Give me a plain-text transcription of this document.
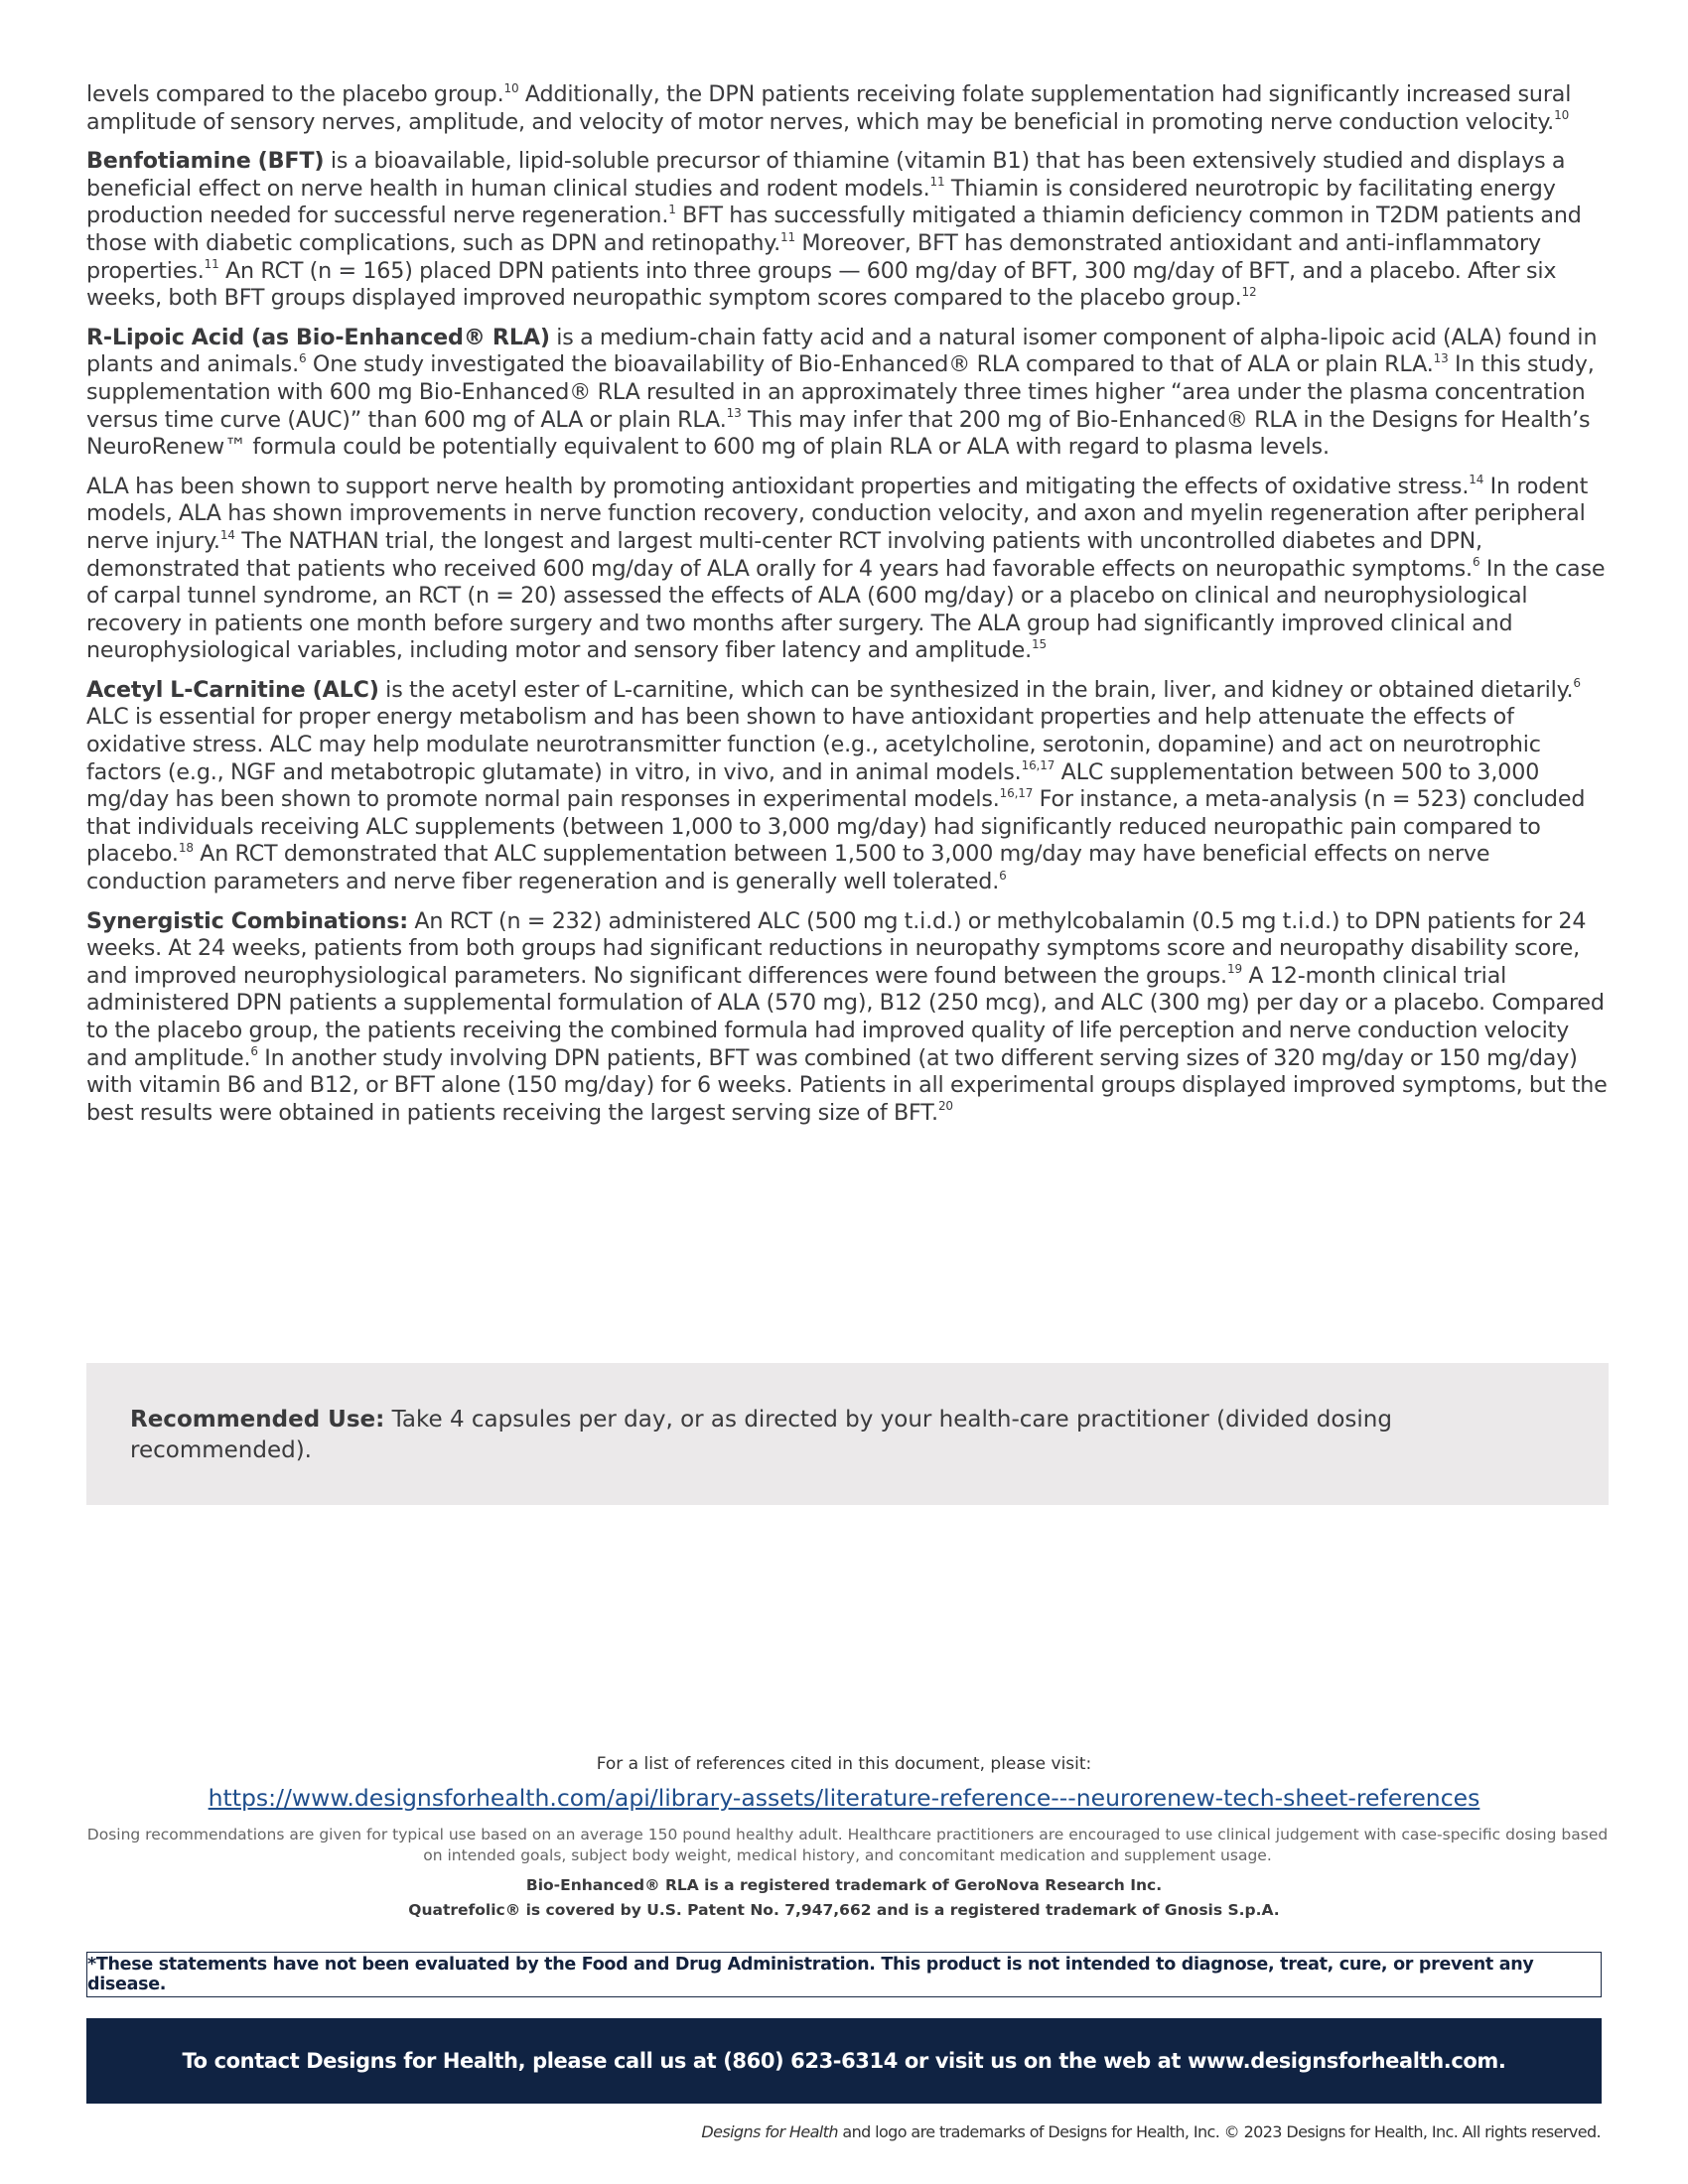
levels compared to the placebo group.$^{10}$ Additionally, the DPN patients receiving folate supplementation had significantly increased sural amplitude of sensory nerves, amplitude, and velocity of motor nerves, which may be beneficial in promoting nerve conduction velocity.$^{10}$

Benfotiamine (BFT) is a bioavailable, lipid-soluble precursor of thiamine (vitamin B1) that has been extensively studied and displays a beneficial effect on nerve health in human clinical studies and rodent models.$^{11}$ Thiamin is considered neurotropic by facilitating energy production needed for successful nerve regeneration.$^1$ BFT has successfully mitigated a thiamin deficiency common in T2DM patients and those with diabetic complications, such as DPN and retinopathy.$^{11}$ Moreover, BFT has demonstrated antioxidant and anti-inflammatory properties.$^{11}$ An RCT (n = 165) placed DPN patients into three groups — 600 mg/day of BFT, 300 mg/day of BFT, and a placebo. After six weeks, both BFT groups displayed improved neuropathic symptom scores compared to the placebo group.$^{12}$

R-Lipoic Acid (as Bio-Enhanced® RLA) is a medium-chain fatty acid and a natural isomer component of alpha-lipoic acid (ALA) found in plants and animals.$^6$ One study investigated the bioavailability of Bio-Enhanced® RLA compared to that of ALA or plain RLA.$^{13}$ In this study, supplementation with 600 mg Bio-Enhanced® RLA resulted in an approximately three times higher “area under the plasma concentration versus time curve (AUC)” than 600 mg of ALA or plain RLA.$^{13}$ This may infer that 200 mg of Bio-Enhanced® RLA in the Designs for Health’s NeuroRenew™ formula could be potentially equivalent to 600 mg of plain RLA or ALA with regard to plasma levels.

ALA has been shown to support nerve health by promoting antioxidant properties and mitigating the effects of oxidative stress.$^{14}$ In rodent models, ALA has shown improvements in nerve function recovery, conduction velocity, and axon and myelin regeneration after peripheral nerve injury.$^{14}$ The NATHAN trial, the longest and largest multi-center RCT involving patients with uncontrolled diabetes and DPN, demonstrated that patients who received 600 mg/day of ALA orally for 4 years had favorable effects on neuropathic symptoms.$^6$ In the case of carpal tunnel syndrome, an RCT (n = 20) assessed the effects of ALA (600 mg/day) or a placebo on clinical and neurophysiological recovery in patients one month before surgery and two months after surgery. The ALA group had significantly improved clinical and neurophysiological variables, including motor and sensory fiber latency and amplitude.$^{15}$

Acetyl L-Carnitine (ALC) is the acetyl ester of L-carnitine, which can be synthesized in the brain, liver, and kidney or obtained dietarily.$^6$ ALC is essential for proper energy metabolism and has been shown to have antioxidant properties and help attenuate the effects of oxidative stress. ALC may help modulate neurotransmitter function (e.g., acetylcholine, serotonin, dopamine) and act on neurotrophic factors (e.g., NGF and metabotropic glutamate) in vitro, in vivo, and in animal models.$^{16,17}$ ALC supplementation between 500 to 3,000 mg/day has been shown to promote normal pain responses in experimental models.$^{16,17}$ For instance, a meta-analysis (n = 523) concluded that individuals receiving ALC supplements (between 1,000 to 3,000 mg/day) had significantly reduced neuropathic pain compared to placebo.$^{18}$ An RCT demonstrated that ALC supplementation between 1,500 to 3,000 mg/day may have beneficial effects on nerve conduction parameters and nerve fiber regeneration and is generally well tolerated.$^6$

Synergistic Combinations: An RCT (n = 232) administered ALC (500 mg t.i.d.) or methylcobalamin (0.5 mg t.i.d.) to DPN patients for 24 weeks. At 24 weeks, patients from both groups had significant reductions in neuropathy symptoms score and neuropathy disability score, and improved neurophysiological parameters. No significant differences were found between the groups.$^{19}$ A 12-month clinical trial administered DPN patients a supplemental formulation of ALA (570 mg), B12 (250 mcg), and ALC (300 mg) per day or a placebo. Compared to the placebo group, the patients receiving the combined formula had improved quality of life perception and nerve conduction velocity and amplitude.$^6$ In another study involving DPN patients, BFT was combined (at two different serving sizes of 320 mg/day or 150 mg/day) with vitamin B6 and B12, or BFT alone (150 mg/day) for 6 weeks. Patients in all experimental groups displayed improved symptoms, but the best results were obtained in patients receiving the largest serving size of BFT.$^{20}$

Recommended Use: Take 4 capsules per day, or as directed by your health-care practitioner (divided dosing recommended).
For a list of references cited in this document, please visit:
https://www.designsforhealth.com/api/library-assets/literature-reference---neurorenew-tech-sheet-references
Dosing recommendations are given for typical use based on an average 150 pound healthy adult. Healthcare practitioners are encouraged to use clinical judgement with case-specific dosing based on intended goals, subject body weight, medical history, and concomitant medication and supplement usage.
Bio-Enhanced® RLA is a registered trademark of GeroNova Research Inc.
Quatrefolic® is covered by U.S. Patent No. 7,947,662 and is a registered trademark of Gnosis S.p.A.
*These statements have not been evaluated by the Food and Drug Administration. This product is not intended to diagnose, treat, cure, or prevent any disease.
To contact Designs for Health, please call us at (860) 623-6314 or visit us on the web at www.designsforhealth.com.
Designs for Health and logo are trademarks of Designs for Health, Inc. © 2023 Designs for Health, Inc. All rights reserved.
